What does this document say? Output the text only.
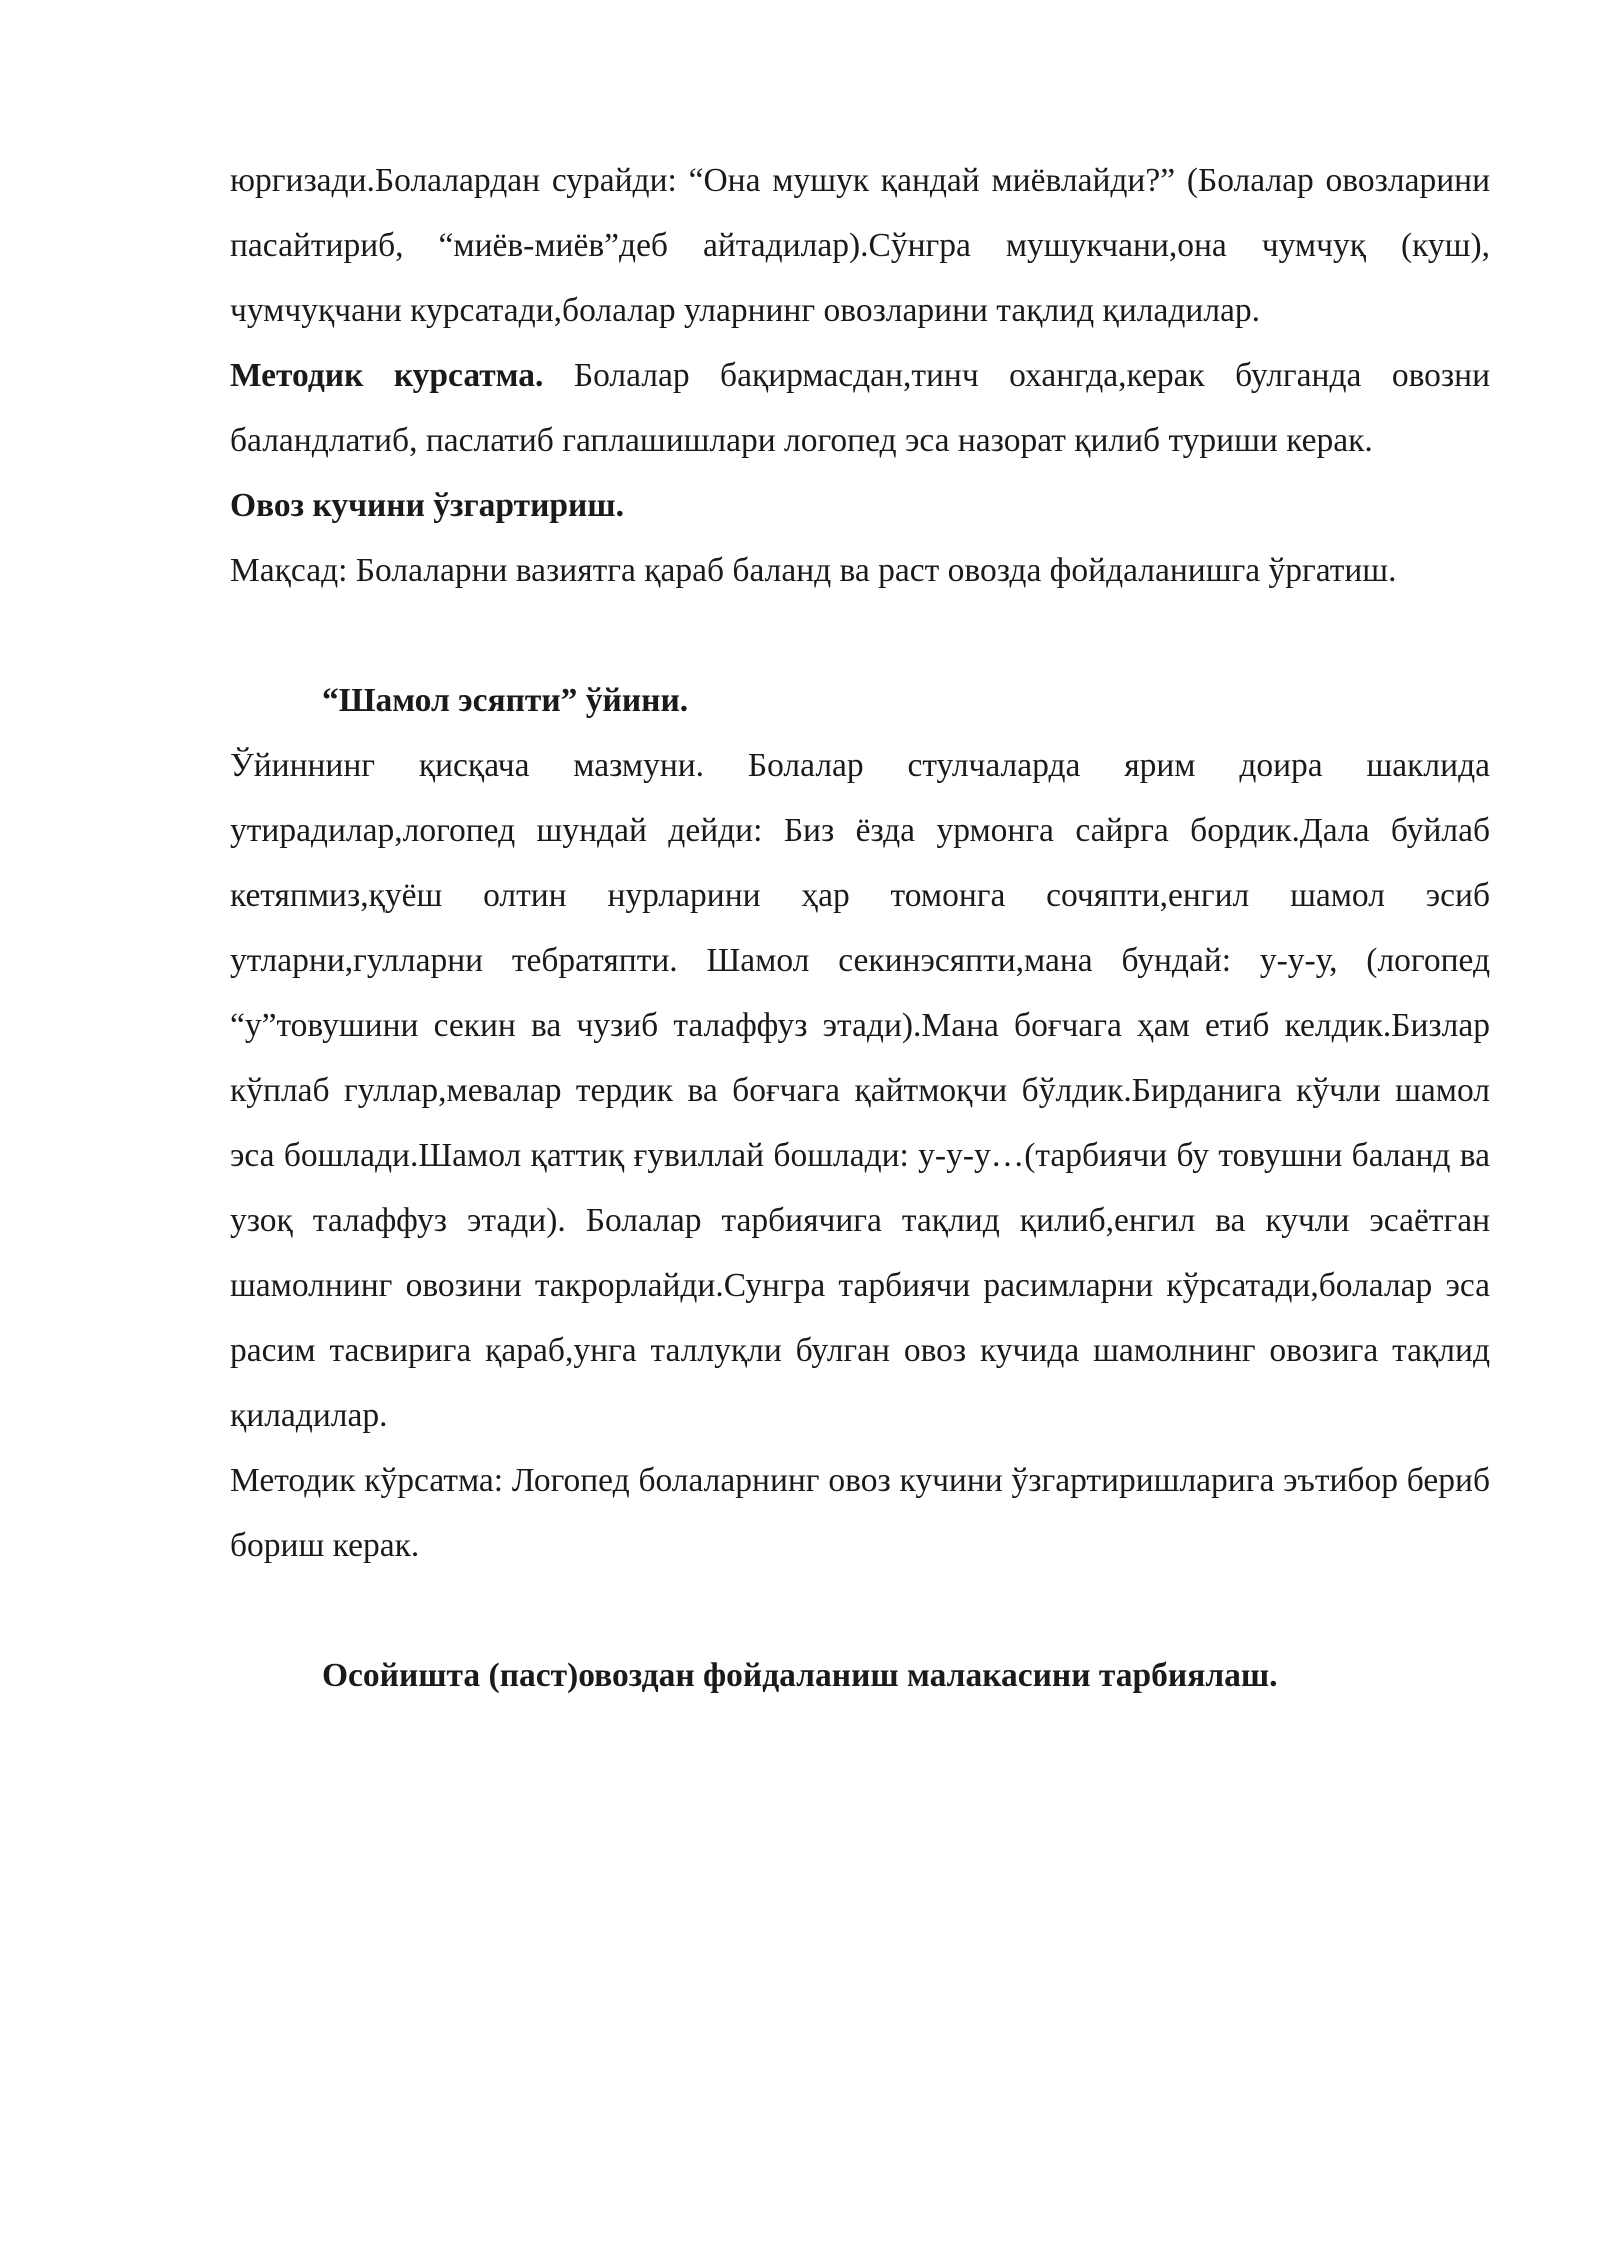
юргизади.Болалардан сурайди: “Она мушук қандай миёвлайди?” (Болалар овозларини пасайтириб, “миёв-миёв”деб айтадилар).Сўнгра мушукчани,она чумчуқ (куш), чумчуқчани курсатади,болалар уларнинг овозларини тақлид қиладилар.

Методик курсатма. Болалар бақирмасдан,тинч охангда,керак булганда овозни баландлатиб, паслатиб гаплашишлари логопед эса назорат қилиб туриши керак.

Овоз кучини ўзгартириш.

Мақсад: Болаларни вазиятга қараб баланд ва раст овозда фойдаланишга ўргатиш.

“Шамол эсяпти” ўйини.

Ўйиннинг қисқача мазмуни. Болалар стулчаларда ярим доира шаклида утирадилар,логопед шундай дейди: Биз ёзда урмонга сайрга бордик.Дала буйлаб кетяпмиз,қуёш олтин нурларини ҳар томонга сочяпти,енгил шамол эсиб утларни,гулларни тебратяпти. Шамол секинэсяпти,мана бундай: у-у-у, (логопед “у”товушини секин ва чузиб талаффуз этади).Мана боғчага ҳам етиб келдик.Бизлар кўплаб гуллар,мевалар тердик ва боғчага қайтмоқчи бўлдик.Бирданига кўчли шамол эса бошлади.Шамол қаттиқ ғувиллай бошлади: у-у-у…(тарбиячи бу товушни баланд ва узоқ талаффуз этади). Болалар тарбиячига тақлид қилиб,енгил ва кучли эсаётган шамолнинг овозини такрорлайди.Сунгра тарбиячи расимларни кўрсатади,болалар эса расим тасвирига қараб,унга таллуқли булган овоз кучида шамолнинг овозига тақлид қиладилар.

Методик кўрсатма: Логопед болаларнинг овоз кучини ўзгартиришларига эътибор бериб бориш керак.

Осойишта (паст)овоздан фойдаланиш малакасини тарбиялаш.
